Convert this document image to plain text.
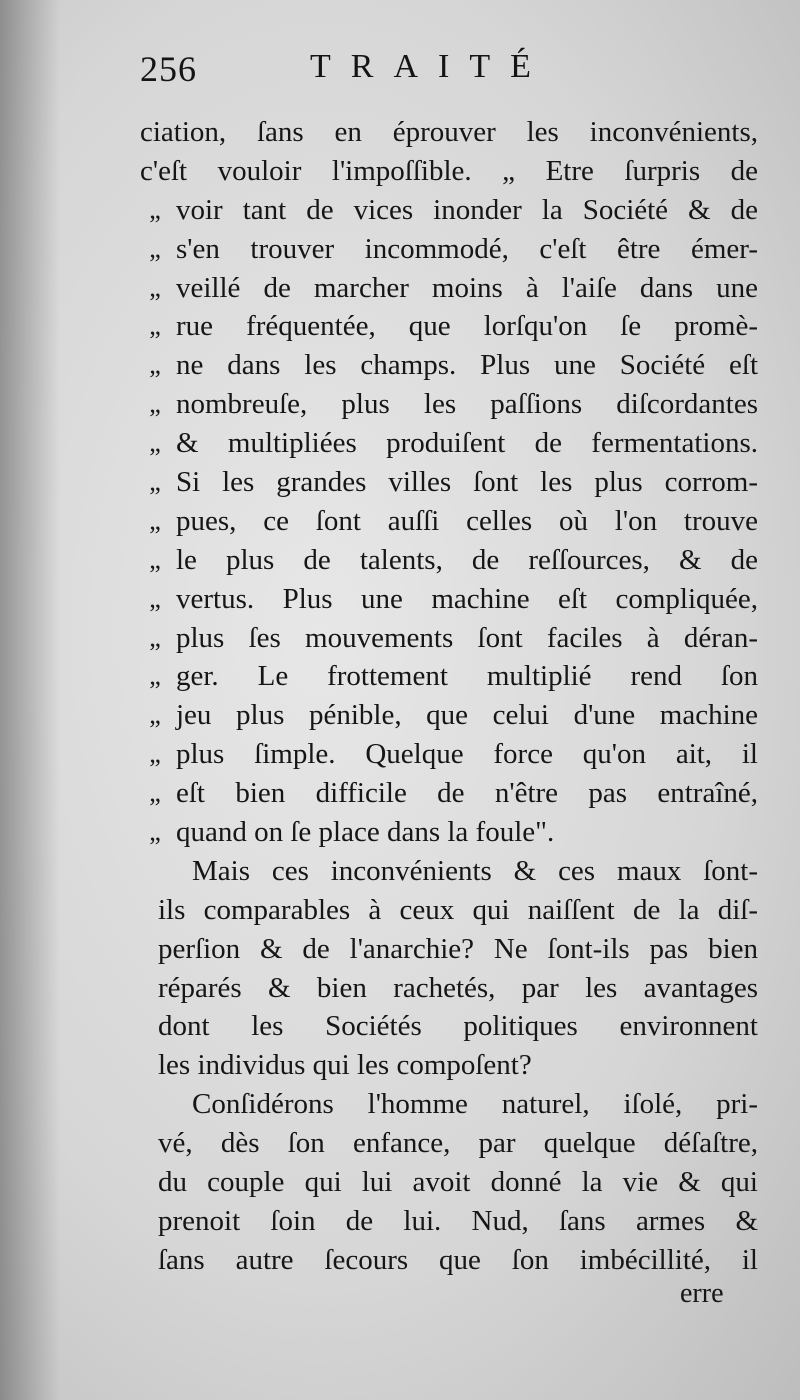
256	TRAITÉ
ciation, ſans en éprouver les inconvénients,
c'eſt vouloir l'impoſſible. „ Etre ſurpris de
„ voir tant de vices inonder la Société & de
„ s'en trouver incommodé, c'eſt être émer-
„ veillé de marcher moins à l'aiſe dans une
„ rue fréquentée, que lorſqu'on ſe promè-
„ ne dans les champs. Plus une Société eſt
„ nombreuſe, plus les paſſions diſcordantes
„ & multipliées produiſent de fermentations.
„ Si les grandes villes ſont les plus corrom-
„ pues, ce ſont auſſi celles où l'on trouve
„ le plus de talents, de reſſources, & de
„ vertus. Plus une machine eſt compliquée,
„ plus ſes mouvements ſont faciles à déran-
„ ger. Le frottement multiplié rend ſon
„ jeu plus pénible, que celui d'une machine
„ plus ſimple. Quelque force qu'on ait, il
„ eſt bien difficile de n'être pas entraîné,
„ quand on ſe place dans la foule".
Mais ces inconvénients & ces maux ſont-
ils comparables à ceux qui naiſſent de la diſ-
perſion & de l'anarchie? Ne ſont-ils pas bien
réparés & bien rachetés, par les avantages
dont les Sociétés politiques environnent
les individus qui les compoſent?
Conſidérons l'homme naturel, iſolé, pri-
vé, dès ſon enfance, par quelque déſaſtre,
du couple qui lui avoit donné la vie & qui
prenoit ſoin de lui. Nud, ſans armes &
ſans autre ſecours que ſon imbécillité, il
erre
